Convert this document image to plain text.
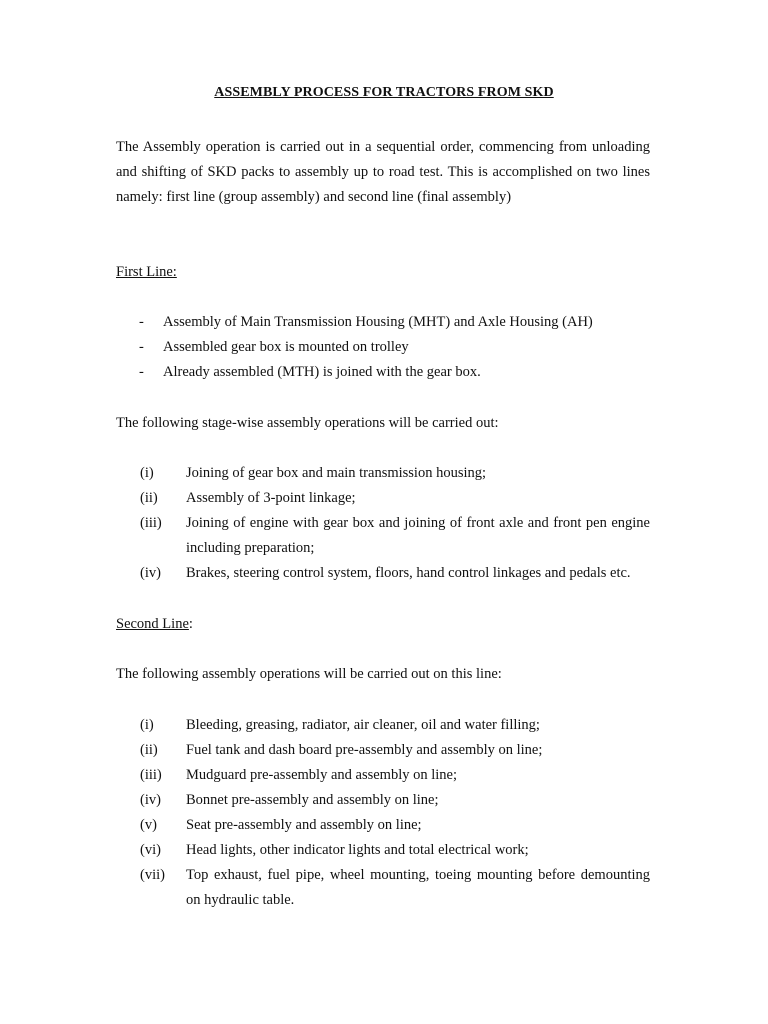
ASSEMBLY PROCESS FOR TRACTORS FROM SKD

The Assembly operation is carried out in a sequential order, commencing from unloading and shifting of SKD packs to assembly up to road test. This is accomplished on two lines namely: first line (group assembly) and second line (final assembly)

First Line:
- Assembly of Main Transmission Housing (MHT) and Axle Housing (AH)
- Assembled gear box is mounted on trolley
- Already assembled (MTH) is joined with the gear box.
The following stage-wise assembly operations will be carried out:
(i) Joining of gear box and main transmission housing;
(ii) Assembly of 3-point linkage;
(iii) Joining of engine with gear box and joining of front axle and front pen engine including preparation;
(iv) Brakes, steering control system, floors, hand control linkages and pedals etc.
Second Line:
The following assembly operations will be carried out on this line:
(i) Bleeding, greasing, radiator, air cleaner, oil and water filling;
(ii) Fuel tank and dash board pre-assembly and assembly on line;
(iii) Mudguard pre-assembly and assembly on line;
(iv) Bonnet pre-assembly and assembly on line;
(v) Seat pre-assembly and assembly on line;
(vi) Head lights, other indicator lights and total electrical work;
(vii) Top exhaust, fuel pipe, wheel mounting, toeing mounting before demounting on hydraulic table.
